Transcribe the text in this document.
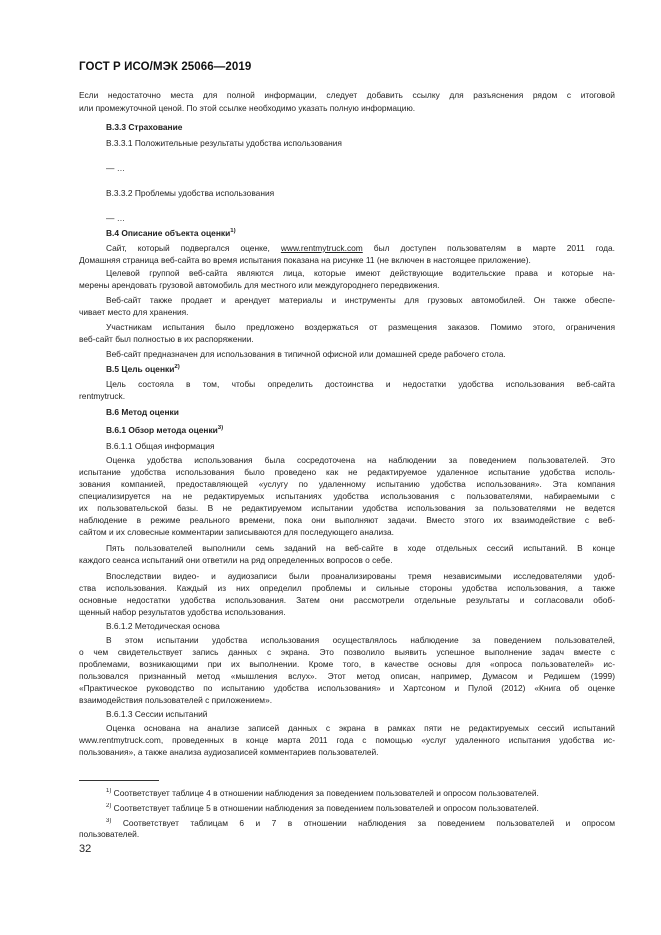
ГОСТ Р ИСО/МЭК 25066—2019
Если недостаточно места для полной информации, следует добавить ссылку для разъяснения рядом с итоговой
или промежуточной ценой. По этой ссылке необходимо указать полную информацию.
В.3.3 Страхование
В.3.3.1 Положительные результаты удобства использования
— …
В.3.3.2 Проблемы удобства использования
— …
В.4 Описание объекта оценки$^{1)}$
Сайт, который подвергался оценке, www.rentmytruck.com был доступен пользователям в марте 2011 года.
Домашняя страница веб-сайта во время испытания показана на рисунке 11 (не включен в настоящее приложение).
Целевой группой веб-сайта являются лица, которые имеют действующие водительские права и которые на-
мерены арендовать грузовой автомобиль для местного или междугороднего передвижения.
Веб-сайт также продает и арендует материалы и инструменты для грузовых автомобилей. Он также обеспе-
чивает место для хранения.
Участникам испытания было предложено воздержаться от размещения заказов. Помимо этого, ограничения
веб-сайт был полностью в их распоряжении.
Веб-сайт предназначен для использования в типичной офисной или домашней среде рабочего стола.
В.5 Цель оценки$^{2)}$
Цель состояла в том, чтобы определить достоинства и недостатки удобства использования веб-сайта
rentmytruck.
В.6 Метод оценки
В.6.1 Обзор метода оценки$^{3)}$
В.6.1.1 Общая информация
Оценка удобства использования была сосредоточена на наблюдении за поведением пользователей. Это
испытание удобства использования было проведено как не редактируемое удаленное испытание удобства исполь-
зования компанией, предоставляющей «услугу по удаленному испытанию удобства использования». Эта компания
специализируется на не редактируемых испытаниях удобства использования с пользователями, набираемыми с
их пользовательской базы. В не редактируемом испытании удобства использования за пользователями не ведется
наблюдение в режиме реального времени, пока они выполняют задачи. Вместо этого их взаимодействие с веб-
сайтом и их словесные комментарии записываются для последующего анализа.
Пять пользователей выполнили семь заданий на веб-сайте в ходе отдельных сессий испытаний. В конце
каждого сеанса испытаний они ответили на ряд определенных вопросов о себе.
Впоследствии видео- и аудиозаписи были проанализированы тремя независимыми исследователями удоб-
ства использования. Каждый из них определил проблемы и сильные стороны удобства использования, а также
основные недостатки удобства использования. Затем они рассмотрели отдельные результаты и согласовали обоб-
щенный набор результатов удобства использования.
В.6.1.2 Методическая основа
В этом испытании удобства использования осуществлялось наблюдение за поведением пользователей,
о чем свидетельствует запись данных с экрана. Это позволило выявить успешное выполнение задач вместе с
проблемами, возникающими при их выполнении. Кроме того, в качестве основы для «опроса пользователей» ис-
пользовался признанный метод «мышления вслух». Этот метод описан, например, Думасом и Редишем (1999)
«Практическое руководство по испытанию удобства использования» и Хартсоном и Пулой (2012) «Книга об оценке
взаимодействия пользователей с приложением».
В.6.1.3 Сессии испытаний
Оценка основана на анализе записей данных с экрана в рамках пяти не редактируемых сессий испытаний
www.rentmytruck.com, проведенных в конце марта 2011 года с помощью «услуг удаленного испытания удобства ис-
пользования», а также анализа аудиозаписей комментариев пользователей.
$^{1)}$ Соответствует таблице 4 в отношении наблюдения за поведением пользователей и опросом пользователей.
$^{2)}$ Соответствует таблице 5 в отношении наблюдения за поведением пользователей и опросом пользователей.
$^{3)}$ Соответствует таблицам 6 и 7 в отношении наблюдения за поведением пользователей и опросом
пользователей.
32
